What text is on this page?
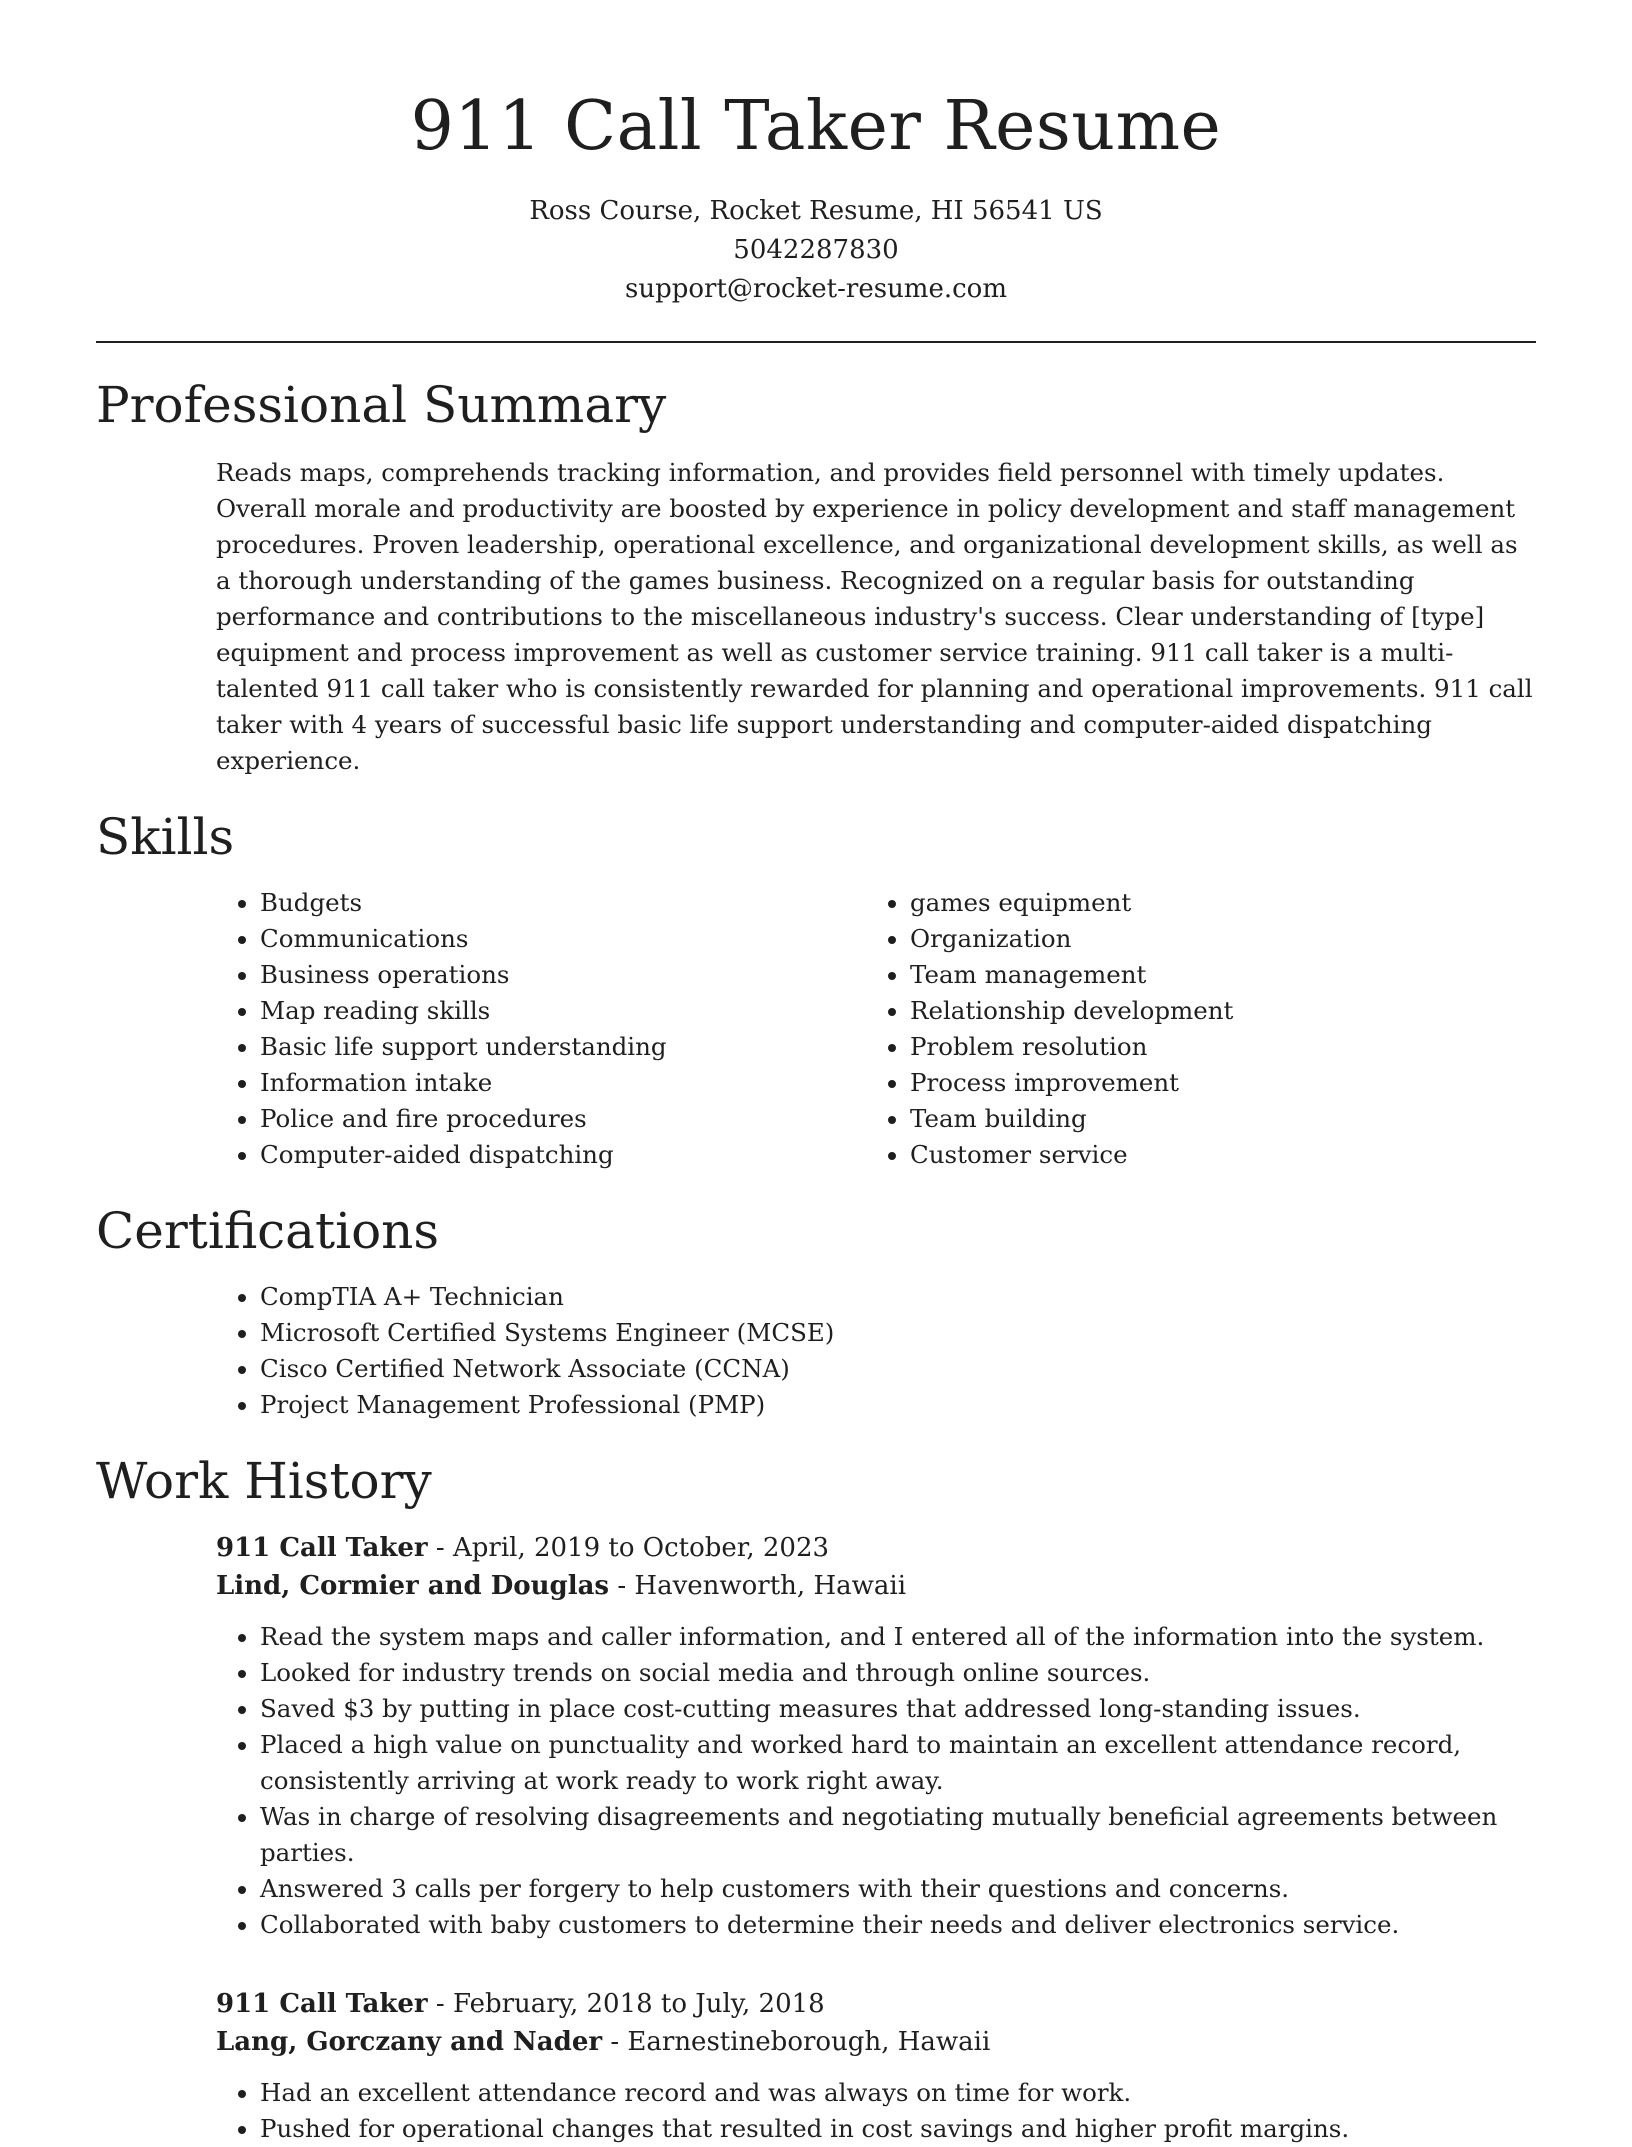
911 Call Taker Resume
Ross Course, Rocket Resume, HI 56541 US
5042287830
support@rocket-resume.com
Professional Summary

Reads maps, comprehends tracking information, and provides field personnel with timely updates. Overall morale and productivity are boosted by experience in policy development and staff management procedures. Proven leadership, operational excellence, and organizational development skills, as well as a thorough understanding of the games business. Recognized on a regular basis for outstanding performance and contributions to the miscellaneous industry's success. Clear understanding of [type] equipment and process improvement as well as customer service training. 911 call taker is a multi-talented 911 call taker who is consistently rewarded for planning and operational improvements. 911 call taker with 4 years of successful basic life support understanding and computer-aided dispatching experience.

Skills
• Budgets
• Communications
• Business operations
• Map reading skills
• Basic life support understanding
• Information intake
• Police and fire procedures
• Computer-aided dispatching
• games equipment
• Organization
• Team management
• Relationship development
• Problem resolution
• Process improvement
• Team building
• Customer service
Certifications
• CompTIA A+ Technician
• Microsoft Certified Systems Engineer (MCSE)
• Cisco Certified Network Associate (CCNA)
• Project Management Professional (PMP)
Work History
911 Call Taker - April, 2019 to October, 2023
Lind, Cormier and Douglas - Havenworth, Hawaii
• Read the system maps and caller information, and I entered all of the information into the system.
• Looked for industry trends on social media and through online sources.
• Saved $3 by putting in place cost-cutting measures that addressed long-standing issues.
• Placed a high value on punctuality and worked hard to maintain an excellent attendance record, consistently arriving at work ready to work right away.
• Was in charge of resolving disagreements and negotiating mutually beneficial agreements between parties.
• Answered 3 calls per forgery to help customers with their questions and concerns.
• Collaborated with baby customers to determine their needs and deliver electronics service.
911 Call Taker - February, 2018 to July, 2018
Lang, Gorczany and Nader - Earnestineborough, Hawaii
• Had an excellent attendance record and was always on time for work.
• Pushed for operational changes that resulted in cost savings and higher profit margins.
